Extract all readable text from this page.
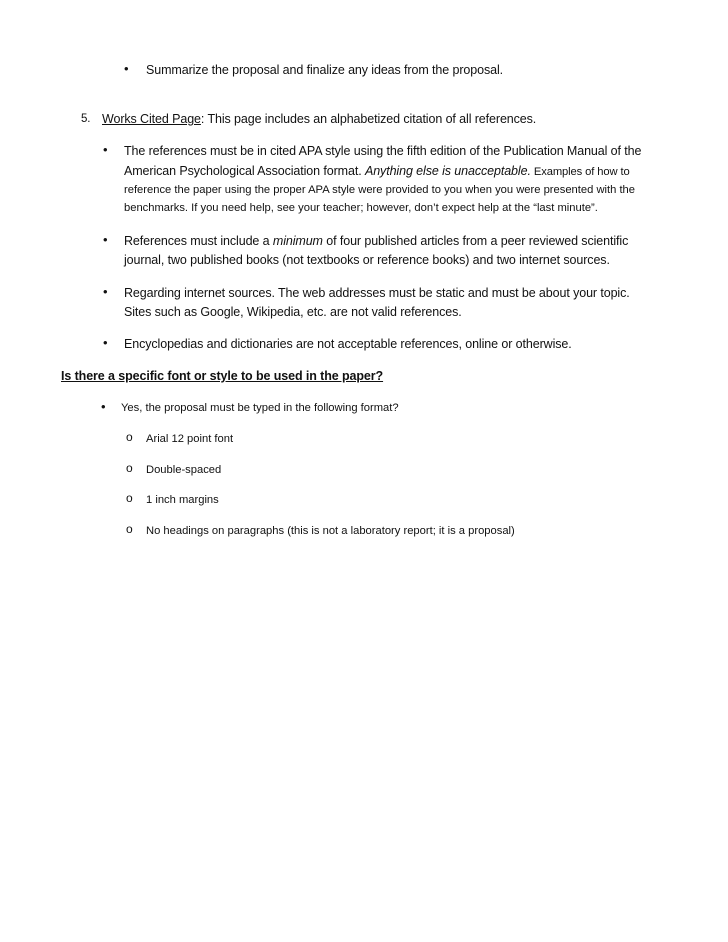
• Summarize the proposal and finalize any ideas from the proposal.
5. Works Cited Page: This page includes an alphabetized citation of all references.
• The references must be in cited APA style using the fifth edition of the Publication Manual of the
American Psychological Association format. Anything else is unacceptable. Examples of how to
reference the paper using the proper APA style were provided to you when you were presented with the
benchmarks. If you need help, see your teacher; however, don’t expect help at the “last minute”.
• References must include a minimum of four published articles from a peer reviewed scientific
journal, two published books (not textbooks or reference books) and two internet sources.
• Regarding internet sources. The web addresses must be static and must be about your topic.
Sites such as Google, Wikipedia, etc. are not valid references.
• Encyclopedias and dictionaries are not acceptable references, online or otherwise.
Is there a specific font or style to be used in the paper?
• Yes, the proposal must be typed in the following format?
o Arial 12 point font
o Double-spaced
o 1 inch margins
o No headings on paragraphs (this is not a laboratory report; it is a proposal)
